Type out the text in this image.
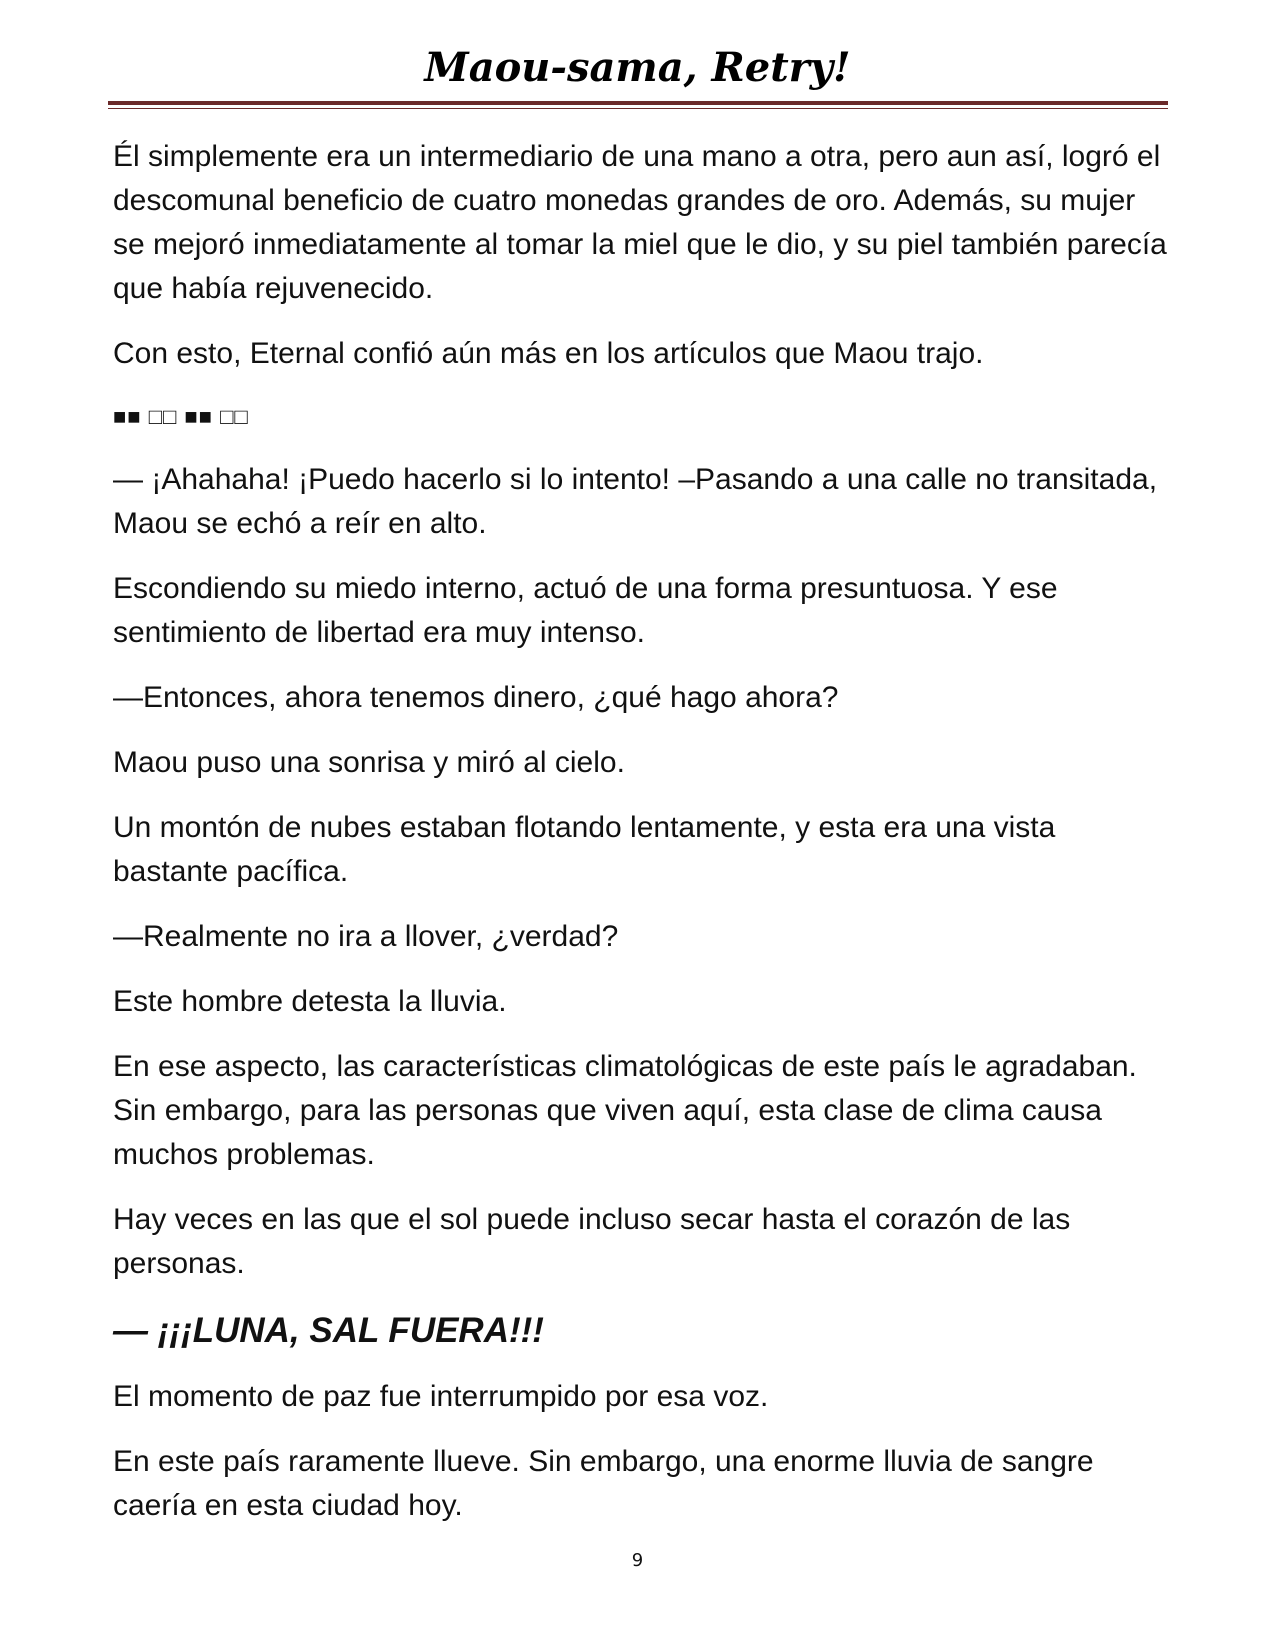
Maou-sama, Retry!

Él simplemente era un intermediario de una mano a otra, pero aun así, logró el descomunal beneficio de cuatro monedas grandes de oro. Además, su mujer se mejoró inmediatamente al tomar la miel que le dio, y su piel también parecía que había rejuvenecido.

Con esto, Eternal confió aún más en los artículos que Maou trajo.

■■ □□ ■■ □□

— ¡Ahahaha! ¡Puedo hacerlo si lo intento! –Pasando a una calle no transitada, Maou se echó a reír en alto.

Escondiendo su miedo interno, actuó de una forma presuntuosa. Y ese sentimiento de libertad era muy intenso.

—Entonces, ahora tenemos dinero, ¿qué hago ahora?

Maou puso una sonrisa y miró al cielo.

Un montón de nubes estaban flotando lentamente, y esta era una vista bastante pacífica.

—Realmente no ira a llover, ¿verdad?

Este hombre detesta la lluvia.

En ese aspecto, las características climatológicas de este país le agradaban. Sin embargo, para las personas que viven aquí, esta clase de clima causa muchos problemas.

Hay veces en las que el sol puede incluso secar hasta el corazón de las personas.

— ¡¡¡LUNA, SAL FUERA!!!

El momento de paz fue interrumpido por esa voz.

En este país raramente llueve. Sin embargo, una enorme lluvia de sangre caería en esta ciudad hoy.

9
